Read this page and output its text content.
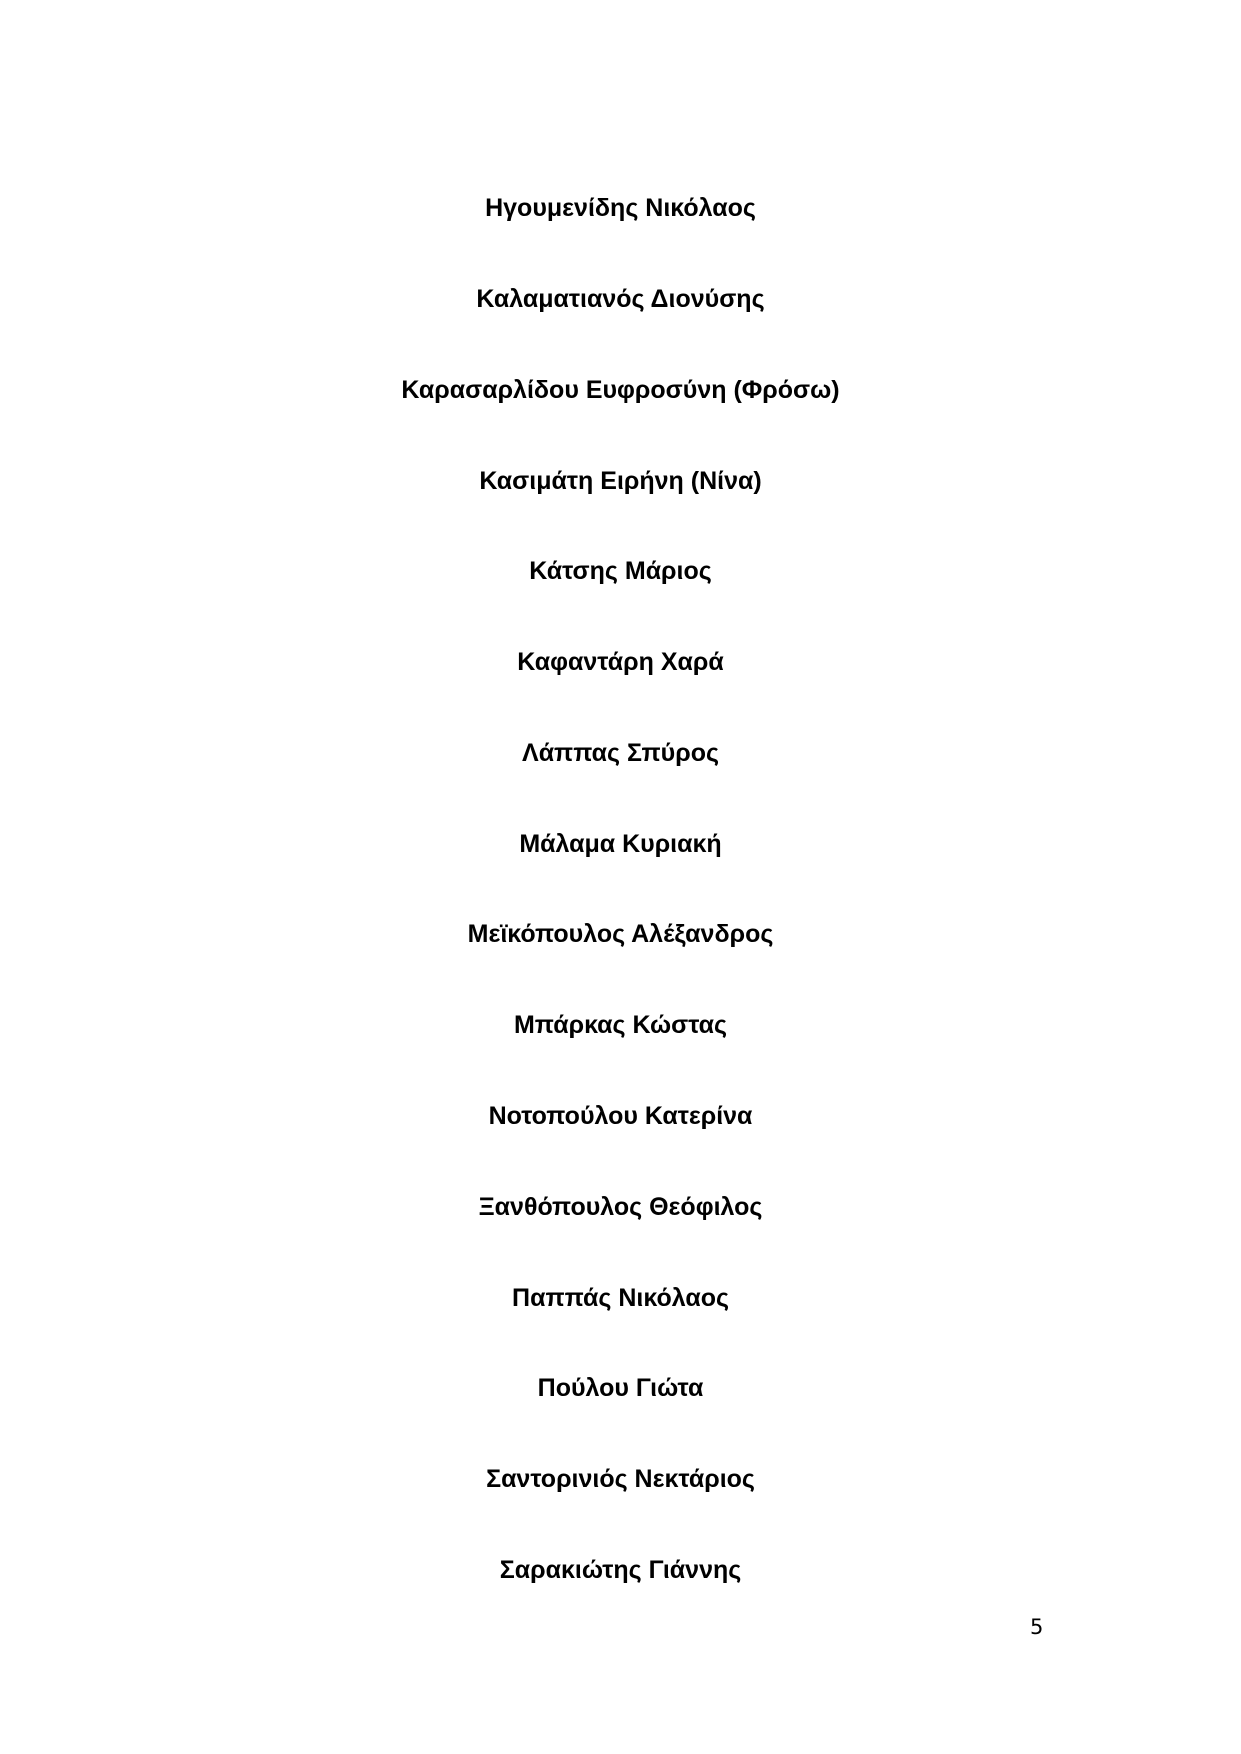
Ηγουμενίδης Νικόλαος
Καλαματιανός Διονύσης
Καρασαρλίδου Ευφροσύνη (Φρόσω)
Κασιμάτη Ειρήνη (Νίνα)
Κάτσης Μάριος
Καφαντάρη Χαρά
Λάππας Σπύρος
Μάλαμα Κυριακή
Μεϊκόπουλος Αλέξανδρος
Μπάρκας Κώστας
Νοτοπούλου Κατερίνα
Ξανθόπουλος Θεόφιλος
Παππάς Νικόλαος
Πούλου Γιώτα
Σαντορινιός Νεκτάριος
Σαρακιώτης Γιάννης
5
